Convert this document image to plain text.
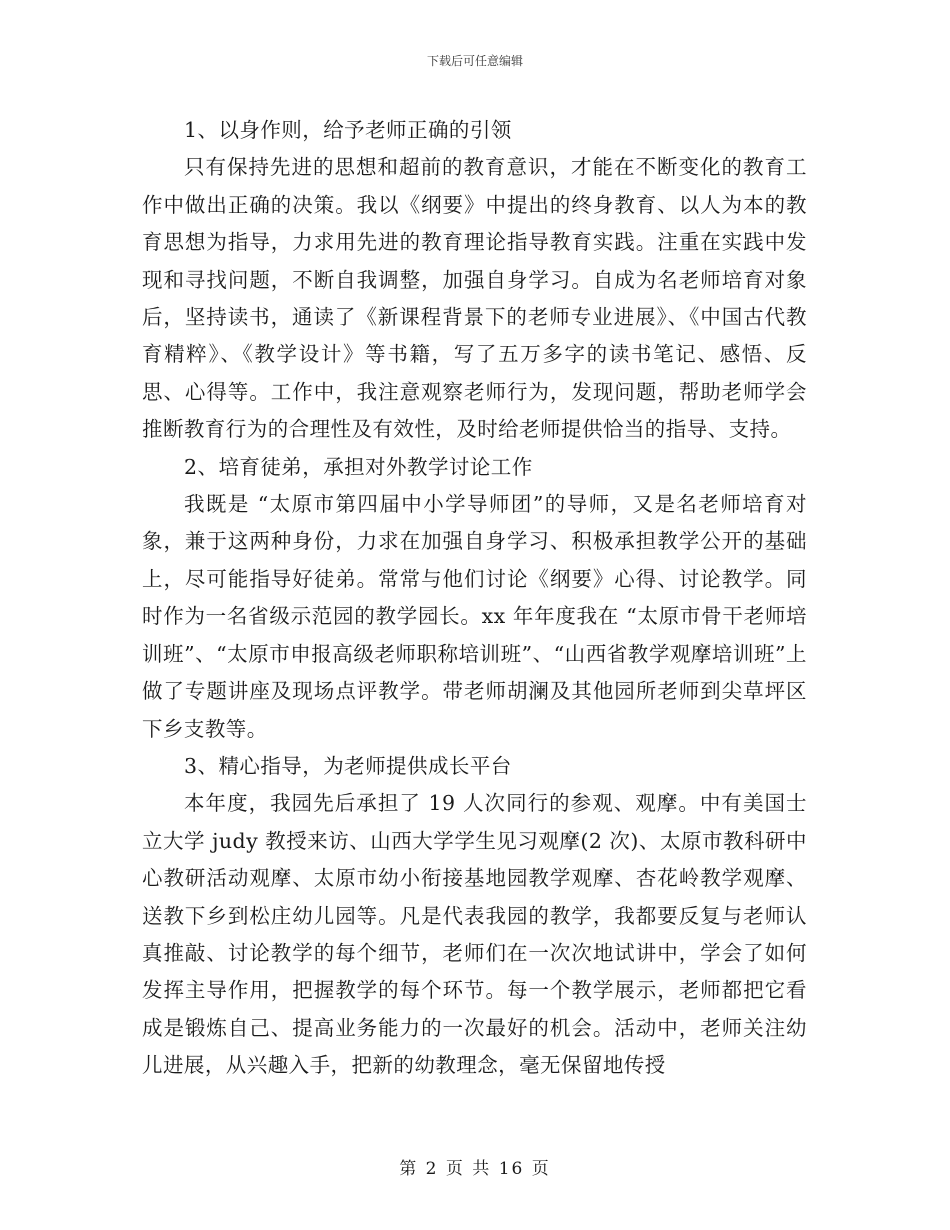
下载后可任意编辑

1、以身作则，给予老师正确的引领

只有保持先进的思想和超前的教育意识，才能在不断变化的教育工作中做出正确的决策。我以《纲要》中提出的终身教育、以人为本的教育思想为指导，力求用先进的教育理论指导教育实践。注重在实践中发现和寻找问题，不断自我调整，加强自身学习。自成为名老师培育对象后，坚持读书，通读了《新课程背景下的老师专业进展》、《中国古代教育精粹》、《教学设计》等书籍，写了五万多字的读书笔记、感悟、反思、心得等。工作中，我注意观察老师行为，发现问题，帮助老师学会推断教育行为的合理性及有效性，及时给老师提供恰当的指导、支持。

2、培育徒弟，承担对外教学讨论工作

我既是 “太原市第四届中小学导师团”的导师，又是名老师培育对象，兼于这两种身份，力求在加强自身学习、积极承担教学公开的基础上，尽可能指导好徒弟。常常与他们讨论《纲要》心得、讨论教学。同时作为一名省级示范园的教学园长。xx 年年度我在 “太原市骨干老师培训班”、“太原市申报高级老师职称培训班”、“山西省教学观摩培训班”上做了专题讲座及现场点评教学。带老师胡澜及其他园所老师到尖草坪区下乡支教等。

3、精心指导，为老师提供成长平台

本年度，我园先后承担了 19 人次同行的参观、观摩。中有美国士立大学 judy 教授来访、山西大学学生见习观摩(2 次)、太原市教科研中心教研活动观摩、太原市幼小衔接基地园教学观摩、杏花岭教学观摩、送教下乡到松庄幼儿园等。凡是代表我园的教学，我都要反复与老师认真推敲、讨论教学的每个细节，老师们在一次次地试讲中，学会了如何发挥主导作用，把握教学的每个环节。每一个教学展示，老师都把它看成是锻炼自己、提高业务能力的一次最好的机会。活动中，老师关注幼儿进展，从兴趣入手，把新的幼教理念，毫无保留地传授

第 2 页 共 16 页
